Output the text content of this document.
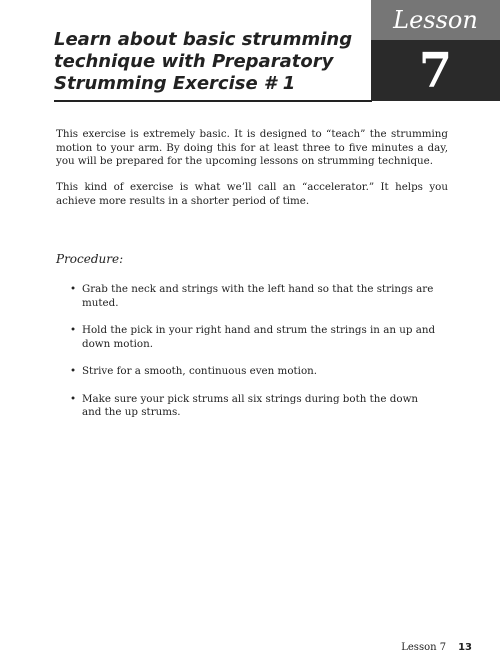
Lesson
7
Learn about basic strumming
technique with Preparatory
Strumming Exercise # 1

This exercise is extremely basic. It is designed to “teach” the strumming motion to your arm. By doing this for at least three to five minutes a day, you will be prepared for the upcoming lessons on strumming technique.

This kind of exercise is what we’ll call an “accelerator.” It helps you achieve more results in a shorter period of time.

Procedure:

• Grab the neck and strings with the left hand so that the strings are muted.
• Hold the pick in your right hand and strum the strings in an up and down motion.
• Strive for a smooth, continuous even motion.
• Make sure your pick strums all six strings during both the down and the up strums.
Lesson 7 13
